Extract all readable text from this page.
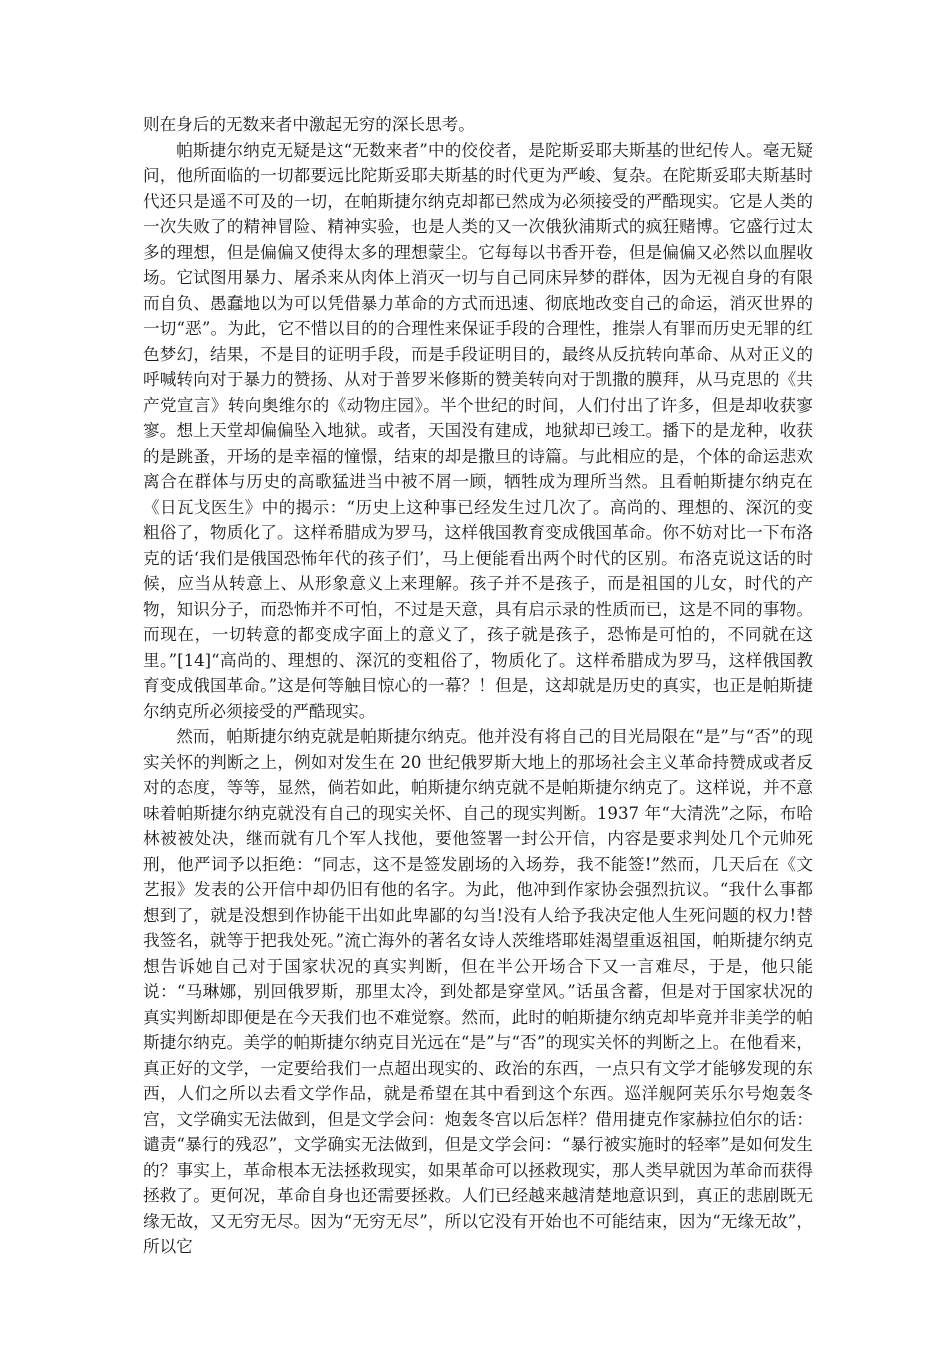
则在身后的无数来者中激起无穷的深长思考。

帕斯捷尔纳克无疑是这“无数来者”中的佼佼者，是陀斯妥耶夫斯基的世纪传人。毫无疑问，他所面临的一切都要远比陀斯妥耶夫斯基的时代更为严峻、复杂。在陀斯妥耶夫斯基时代还只是遥不可及的一切，在帕斯捷尔纳克却都已然成为必须接受的严酷现实。它是人类的一次失败了的精神冒险、精神实验，也是人类的又一次俄狄浦斯式的疯狂赌博。它盛行过太多的理想，但是偏偏又使得太多的理想蒙尘。它每每以书香开卷，但是偏偏又必然以血腥收场。它试图用暴力、屠杀来从肉体上消灭一切与自己同床异梦的群体，因为无视自身的有限而自负、愚蠢地以为可以凭借暴力革命的方式而迅速、彻底地改变自己的命运，消灭世界的一切“恶”。为此，它不惜以目的的合理性来保证手段的合理性，推崇人有罪而历史无罪的红色梦幻，结果，不是目的证明手段，而是手段证明目的，最终从反抗转向革命、从对正义的呼喊转向对于暴力的赞扬、从对于普罗米修斯的赞美转向对于凯撒的膜拜，从马克思的《共产党宣言》转向奥维尔的《动物庄园》。半个世纪的时间，人们付出了许多，但是却收获寥寥。想上天堂却偏偏坠入地狱。或者，天国没有建成，地狱却已竣工。播下的是龙种，收获的是跳蚤，开场的是幸福的憧憬，结束的却是撒旦的诗篇。与此相应的是，个体的命运悲欢离合在群体与历史的高歌猛进当中被不屑一顾，牺牲成为理所当然。且看帕斯捷尔纳克在《日瓦戈医生》中的揭示：“历史上这种事已经发生过几次了。高尚的、理想的、深沉的变粗俗了，物质化了。这样希腊成为罗马，这样俄国教育变成俄国革命。你不妨对比一下布洛克的话‘我们是俄国恐怖年代的孩子们’，马上便能看出两个时代的区别。布洛克说这话的时候，应当从转意上、从形象意义上来理解。孩子并不是孩子，而是祖国的儿女，时代的产物，知识分子，而恐怖并不可怕，不过是天意，具有启示录的性质而已，这是不同的事物。而现在，一切转意的都变成字面上的意义了，孩子就是孩子，恐怖是可怕的，不同就在这里。”[14]“高尚的、理想的、深沉的变粗俗了，物质化了。这样希腊成为罗马，这样俄国教育变成俄国革命。”这是何等触目惊心的一幕？！但是，这却就是历史的真实，也正是帕斯捷尔纳克所必须接受的严酷现实。

然而，帕斯捷尔纳克就是帕斯捷尔纳克。他并没有将自己的目光局限在“是”与“否”的现实关怀的判断之上，例如对发生在 20 世纪俄罗斯大地上的那场社会主义革命持赞成或者反对的态度，等等，显然，倘若如此，帕斯捷尔纳克就不是帕斯捷尔纳克了。这样说，并不意味着帕斯捷尔纳克就没有自己的现实关怀、自己的现实判断。1937 年“大清洗”之际，布哈林被被处决，继而就有几个军人找他，要他签署一封公开信，内容是要求判处几个元帅死刑，他严词予以拒绝：“同志，这不是签发剧场的入场券，我不能签!”然而，几天后在《文艺报》发表的公开信中却仍旧有他的名字。为此，他冲到作家协会强烈抗议。“我什么事都想到了，就是没想到作协能干出如此卑鄙的勾当!没有人给予我决定他人生死问题的权力!替我签名，就等于把我处死。”流亡海外的著名女诗人茨维塔耶娃渴望重返祖国，帕斯捷尔纳克想告诉她自己对于国家状况的真实判断，但在半公开场合下又一言难尽，于是，他只能说：“马琳娜，别回俄罗斯，那里太冷，到处都是穿堂风。”话虽含蓄，但是对于国家状况的真实判断却即便是在今天我们也不难觉察。然而，此时的帕斯捷尔纳克却毕竟并非美学的帕斯捷尔纳克。美学的帕斯捷尔纳克目光远在“是”与“否”的现实关怀的判断之上。在他看来，真正好的文学，一定要给我们一点超出现实的、政治的东西，一点只有文学才能够发现的东西，人们之所以去看文学作品，就是希望在其中看到这个东西。巡洋舰阿芙乐尔号炮轰冬宫，文学确实无法做到，但是文学会问：炮轰冬宫以后怎样？借用捷克作家赫拉伯尔的话：谴责“暴行的残忍”，文学确实无法做到，但是文学会问：“暴行被实施时的轻率”是如何发生的？事实上，革命根本无法拯救现实，如果革命可以拯救现实，那人类早就因为革命而获得拯救了。更何况，革命自身也还需要拯救。人们已经越来越清楚地意识到，真正的悲剧既无缘无故，又无穷无尽。因为“无穷无尽”，所以它没有开始也不可能结束，因为“无缘无故”，所以它
